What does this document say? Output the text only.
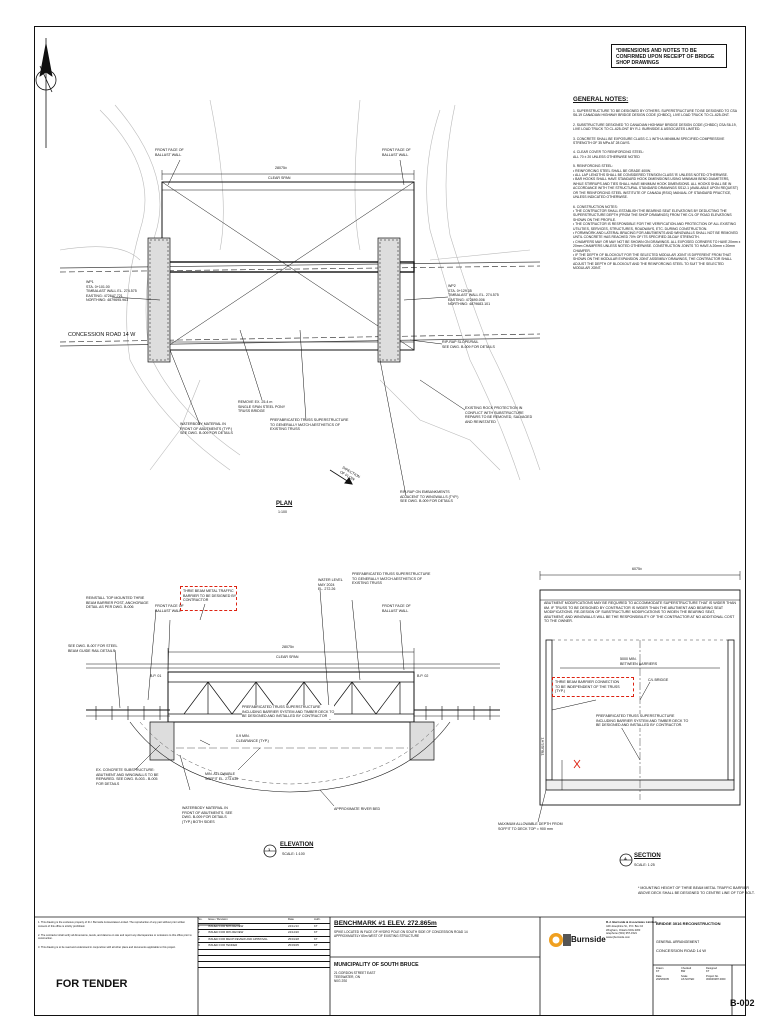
*DIMENSIONS AND NOTES TO BE CONFIRMED UPON RECEIPT OF BRIDGE SHOP DRAWINGS
GENERAL NOTES:
1. SUPERSTRUCTURE TO BE DESIGNED BY OTHERS. SUPERSTRUCTURE TO BE DESIGNED TO CSA S6-19 CANADIAN HIGHWAY BRIDGE DESIGN CODE (CHBDC), LIVE LOAD TRUCK TO CL-625-ONT.
2. SUBSTRUCTURE DESIGNED TO CANADIAN HIGHWAY BRIDGE DESIGN CODE (CHBDC) CSA S6-19, LIVE LOAD TRUCK TO CL-625-ONT BY R.J. BURNSIDE & ASSOCIATES LIMITED.
3. CONCRETE SHALL BE EXPOSURE CLASS C-1 WITH A MINIMUM SPECIFIED COMPRESSIVE STRENGTH OF 35 MPa AT 28 DAYS.
4. CLEAR COVER TO REINFORCING STEEL:
ALL 70 ± 20 UNLESS OTHERWISE NOTED
5. REINFORCING STEEL:
• REINFORCING STEEL SHALL BE GRADE 400W.
• ALL LAP LENGTHS SHALL BE CONSIDERED TENSION CLASS 'B' UNLESS NOTED OTHERWISE.
• BAR HOOKS SHALL HAVE STANDARD HOOK DIMENSIONS USING MINIMUM BEND DIAMETERS, WHILE STIRRUPS AND TIES SHALL HAVE MINIMUM HOOK DIMENSIONS. ALL HOOKS SHALL BE IN ACCORDANCE WITH THE STRUCTURAL STANDARD DRAWINGS SS12-1 (AVAILABLE UPON REQUEST) OR THE REINFORCING STEEL INSTITUTE OF CANADA (RSIC) MANUAL OF STANDARD PRACTICE, UNLESS INDICATED OTHERWISE.
6. CONSTRUCTION NOTES:
• THE CONTRACTOR SHALL ESTABLISH THE BEARING SEAT ELEVATIONS BY DEDUCTING THE SUPERSTRUCTURE DEPTH (FROM THE SHOP DRAWINGS) FROM THE C/L OF ROAD ELEVATIONS SHOWN ON THE PROFILE.
• THE CONTRACTOR IS RESPONSIBLE FOR THE VERIFICATION AND PROTECTION OF ALL EXISTING UTILITIES, SERVICES, STRUCTURES, ROADWAYS, ETC. DURING CONSTRUCTION.
• FORMWORK AND LATERAL BRACING FOR ABUTMENTS AND WINGWALLS SHALL NOT BE REMOVED UNTIL CONCRETE HAS REACHED 70% OF ITS SPECIFIED 28-DAY STRENGTH.
• CHAMFERS MAY OR MAY NOT BE SHOWN ON DRAWINGS. ALL EXPOSED CORNERS TO HAVE 20mm x 20mm CHAMFERS UNLESS NOTED OTHERWISE. CONSTRUCTION JOINTS TO HAVE A 20mm x 20mm CHAMFER.
• IF THE DEPTH OF BLOCKOUT FOR THE SELECTED MODULAR JOINT IS DIFFERENT FROM THAT SHOWN ON THE MODULAR EXPANSION JOINT ASSEMBLY DRAWINGS, THE CONTRACTOR SHALL ADJUST THE DEPTH OF BLOCKOUT AND THE REINFORCING STEEL TO SUIT THE SELECTED MODULAR JOINT.
FRONT FACE OF
BALLAST WALL
FRONT FACE OF
BALLAST WALL
28075±
CLEAR SPAN
WP1
STA. 0+101.00
TIMBALAST WALL EL. 274.575
EASTING: 472647.721
NORTHING: 4879695.963
WP2
STA. 0+129.35
TIMBALAST WALL EL. 274.575
EASTING: 472690.006
NORTHING: 4879683.101
CONCESSION ROAD 14 W
RIP-RAP SLOPE/RAIL
SEE DWG. B-009 FOR DETAILS
REMOVE EX. 25.4 m
SINGLE SPAN STEEL PONY
TRUSS BRIDGE
PREFABRICATED TRUSS SUPERSTRUCTURE
TO GENERALLY MATCH AESTHETICS OF
EXISTING TRUSS
WATERBODY MATERIAL IN
FRONT OF ABUTMENTS (TYP.)
SEE DWG. B-009 FOR DETAILS
EXISTING ROCK PROTECTION IN
CONFLICT WITH SUBSTRUCTURE
REPAIRS TO BE REMOVED, SALVAGED
AND REINSTATED
RIP-RAP ON EMBANKMENTS
ADJACENT TO WINGWALLS (TYP.)
SEE DWG. B-009 FOR DETAILS
DIRECTION
OF FLOW
PLAN
1:100
THRIE BEAM METAL TRAFFIC
BARRIER TO BE DESIGNED BY
CONTRACTOR
REINSTALL TOP MOUNTED THRIE
BEAM BARRIER POST, ANCHORAGE
DETAIL AS PER DWG. B-006
SEE DWG. B-007 FOR STEEL
BEAM GUIDE RAIL DETAILS
FRONT FACE OF
BALLAST WALL
FRONT FACE OF
BALLAST WALL
WATER LEVEL
MAY 2024
EL. 272.26
PREFABRICATED TRUSS SUPERSTRUCTURE
TO GENERALLY MATCH AESTHETICS OF
EXISTING TRUSS
28075±
CLEAR SPAN
B.P. 01	B.P. 02
PREFABRICATED TRUSS SUPERSTRUCTURE
INCLUDING BARRIER SYSTEM AND TIMBER DECK TO
BE DESIGNED AND INSTALLED BY CONTRACTOR
0.9 MIN.
CLEARANCE (TYP.)
EX. CONCRETE SUBSTRUCTURE:
ABUTMENT AND WINGWALLS TO BE
REPAIRED. SEE DWG. B-003 - B-005
FOR DETAILS
MIN. ALLOWABLE
SOFFIT EL. 273.630
WATERBODY MATERIAL IN
FRONT OF ABUTMENTS. SEE
DWG. B-009 FOR DETAILS
(TYP.) BOTH SIDES
APPROXIMATE RIVER BED
1
ELEVATION
SCALE: 1:100
6075±
ABUTMENT MODIFICATIONS MAY BE REQUIRED TO ACCOMMODATE SUPERSTRUCTURE THAT IS WIDER THAN 6M. IF TRUSS TO BE DESIGNED BY CONTRACTOR IS WIDER THAN THE ABUTMENT AND BEARING SEAT MODIFICATIONS. RE-DESIGN OF SUBSTRUCTURE MODIFICATIONS TO WIDEN THE BEARING SEAT, ABUTMENT, AND WINGWALLS WILL BE THE RESPONSIBILITY OF THE CONTRACTOR AT NO ADDITIONAL COST TO THE OWNER.
5000 MIN.
BETWEEN BARRIERS
THRIE BEAM BARRIER CONNECTION
TO BE INDEPENDENT OF THE TRUSS
(TYP.)
C/L BRIDGE
PREFABRICATED TRUSS SUPERSTRUCTURE
INCLUDING BARRIER SYSTEM AND TIMBER DECK TO
BE DESIGNED AND INSTALLED BY CONTRACTOR.
TRUSS HT.
MAXIMUM ALLOWABLE DEPTH FROM
SOFFIT TO DECK TOP = 900 mm
A SECTION
SCALE: 1:25
* MOUNTING HEIGHT OF THRIE BEAM METAL TRAFFIC BARRIER
ABOVE DECK SHALL BE DESIGNED TO CENTRE LINE OF TOP BOLT.

1. This drawing is the exclusive property of R.J. Burnside & Associates Limited. The reproduction of any part without prior written consent of this office is strictly prohibited.

2. The contractor shall verify all dimensions, levels, and datums on site and report any discrepancies or omissions to this office prior to construction.

3. This drawing is to be read and understood in conjunction with all other plans and documents applicable to this project.

FOR TENDER
No.	Issue / Revision	Date	Auth.
1	ISSUED FOR 60% REVIEW	24/11/13	KT
2	ISSUED FOR 90% REVIEW	24/12/20	KT
3	ISSUED FOR MECP REVIEW AND APPROVAL	25/01/28	KT
4	ISSUED FOR TENDER	25/03/05	KT
BENCHMARK #1 ELEV. 272.865m
SPIKE LOCATED IN FACE OF HYDRO POLE ON SOUTH SIDE OF CONCESSION ROAD 14
APPROXIMATELY 65m WEST OF EXISTING STRUCTURE
MUNICIPALITY OF SOUTH BRUCE
21 GORDON STREET EAST
TEESWATER, ON
N0G 2S0
Burnside
R.J. Burnside & Associates Limited
449 Josephine St., P.O. Box 10
Wingham, Ontario N0G 2W0
telephone (519) 357-1521
www.rjburnside.com
BRIDGE 3016 RECONSTRUCTION
GENERAL ARRANGEMENT
CONCESSION ROAD 14 W
Drawn
KT
Checked
BW
Designed
KT
Date
2025/03/05
Scale
AS NOTED
Project No.
300046387.0000
B-002
